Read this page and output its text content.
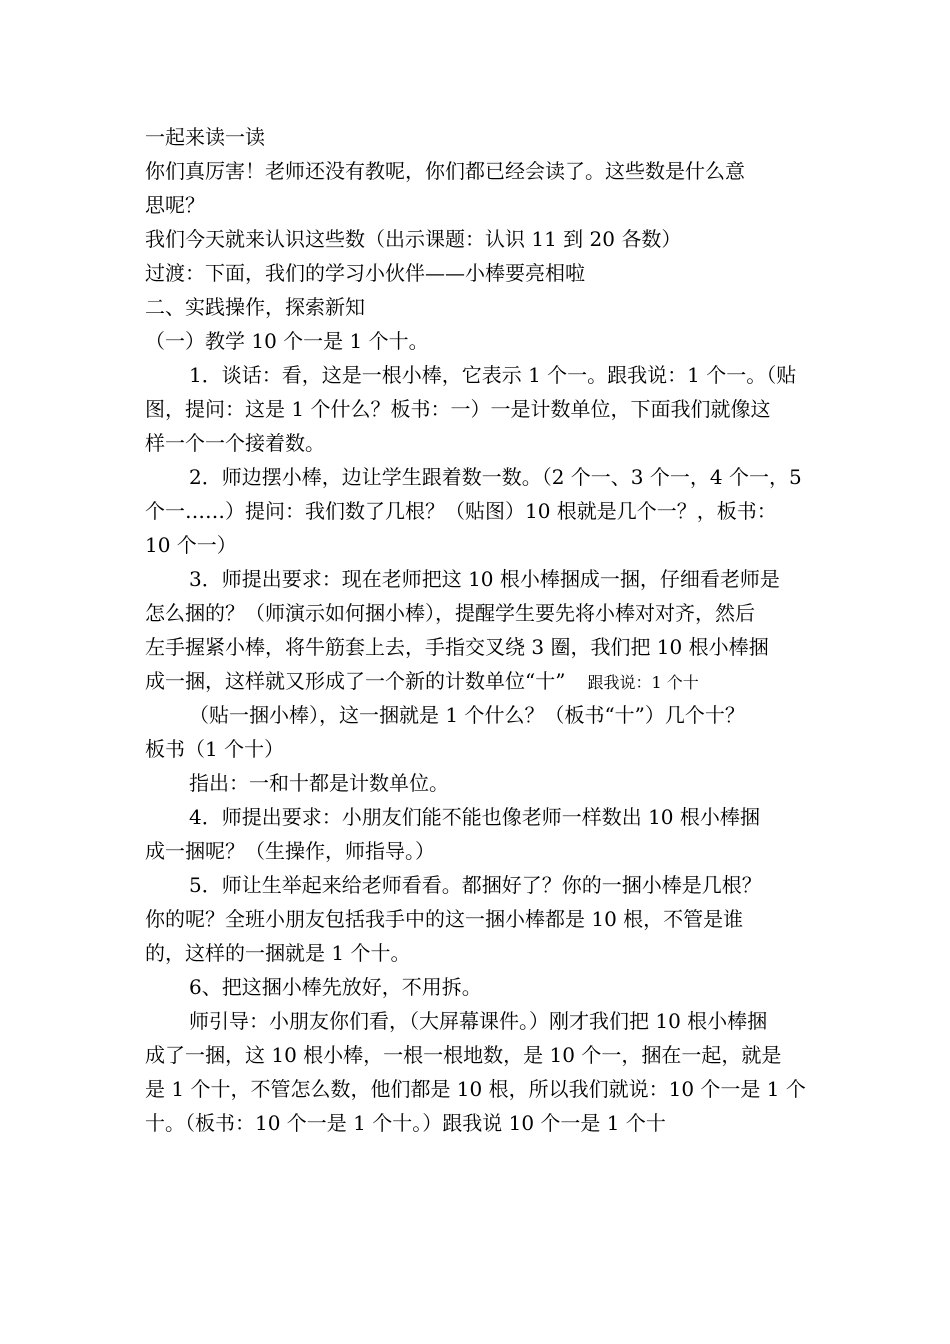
一起来读一读

你们真厉害！老师还没有教呢，你们都已经会读了。这些数是什么意

思呢？

我们今天就来认识这些数（出示课题：认识 11 到 20 各数）

过渡：下面，我们的学习小伙伴——小棒要亮相啦

二、实践操作，探索新知

（一）教学 10 个一是 1 个十。

1．谈话：看，这是一根小棒，它表示 1 个一。跟我说：1 个一。（贴

图，提问：这是 1 个什么？板书：一）一是计数单位，下面我们就像这

样一个一个接着数。

2．师边摆小棒，边让学生跟着数一数。（2 个一、3 个一，4 个一，5

个一……）提问：我们数了几根？（贴图）10 根就是几个一？，板书：

10 个一）

3．师提出要求：现在老师把这 10 根小棒捆成一捆，仔细看老师是

怎么捆的？（师演示如何捆小棒），提醒学生要先将小棒对对齐，然后

左手握紧小棒，将牛筋套上去，手指交叉绕 3 圈，我们把 10 根小棒捆

成一捆，这样就又形成了一个新的计数单位“十” 跟我说：1 个十

（贴一捆小棒），这一捆就是 1 个什么？（板书“十”）几个十？

板书（1 个十）

指出：一和十都是计数单位。

4．师提出要求：小朋友们能不能也像老师一样数出 10 根小棒捆

成一捆呢？（生操作，师指导。）

5．师让生举起来给老师看看。都捆好了？你的一捆小棒是几根？

你的呢？全班小朋友包括我手中的这一捆小棒都是 10 根，不管是谁

的，这样的一捆就是 1 个十。

6、把这捆小棒先放好，不用拆。

师引导：小朋友你们看，（大屏幕课件。）刚才我们把 10 根小棒捆

成了一捆，这 10 根小棒，一根一根地数，是 10 个一，捆在一起，就是

是 1 个十，不管怎么数，他们都是 10 根，所以我们就说：10 个一是 1 个

十。（板书：10 个一是 1 个十。）跟我说 10 个一是 1 个十
